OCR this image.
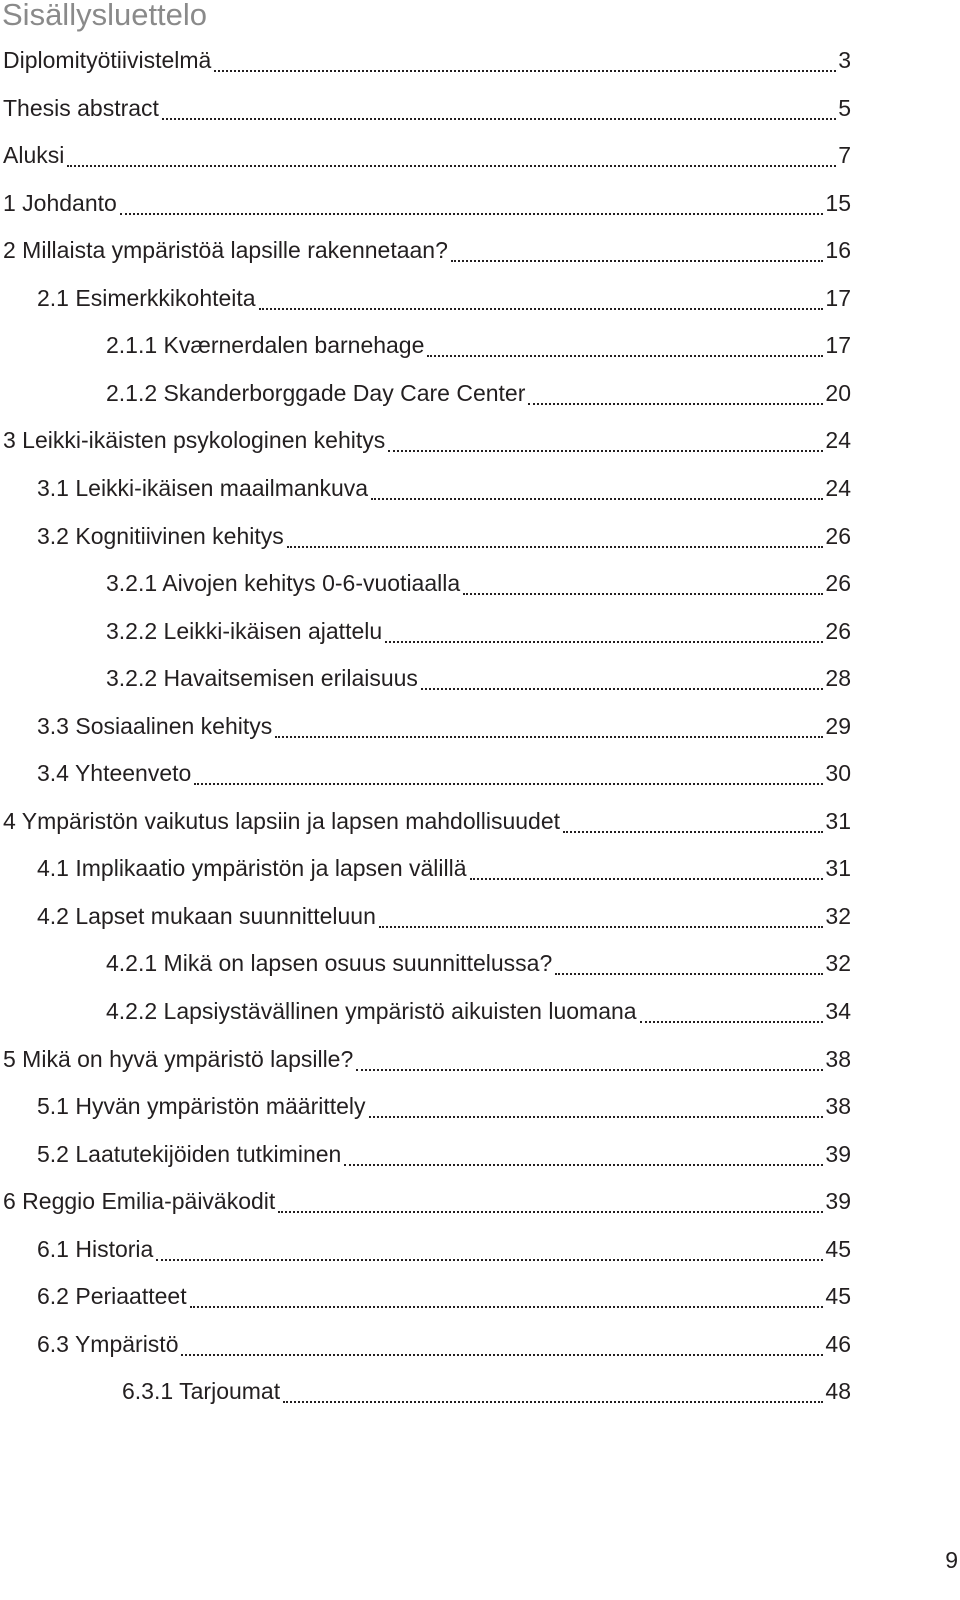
Sisällysluettelo
Diplomityötiivistelmä	3
Thesis abstract	5
Aluksi	7
1 Johdanto	15
2 Millaista ympäristöä lapsille rakennetaan?	16
2.1 Esimerkkikohteita	17
2.1.1 Kværnerdalen barnehage	17
2.1.2 Skanderborggade Day Care Center	20
3 Leikki-ikäisten psykologinen kehitys	24
3.1 Leikki-ikäisen maailmankuva	24
3.2 Kognitiivinen kehitys	26
3.2.1 Aivojen kehitys 0-6-vuotiaalla	26
3.2.2 Leikki-ikäisen ajattelu	26
3.2.2 Havaitsemisen erilaisuus	28
3.3 Sosiaalinen kehitys	29
3.4 Yhteenveto	30
4 Ympäristön vaikutus lapsiin ja lapsen mahdollisuudet	31
4.1 Implikaatio ympäristön ja lapsen välillä	31
4.2 Lapset mukaan suunnitteluun	32
4.2.1 Mikä on lapsen osuus suunnittelussa?	32
4.2.2 Lapsiystävällinen ympäristö aikuisten luomana	34
5 Mikä on hyvä ympäristö lapsille?	38
5.1 Hyvän ympäristön määrittely	38
5.2 Laatutekijöiden tutkiminen	39
6 Reggio Emilia-päiväkodit	39
6.1 Historia	45
6.2 Periaatteet	45
6.3 Ympäristö	46
6.3.1 Tarjoumat	48
9
